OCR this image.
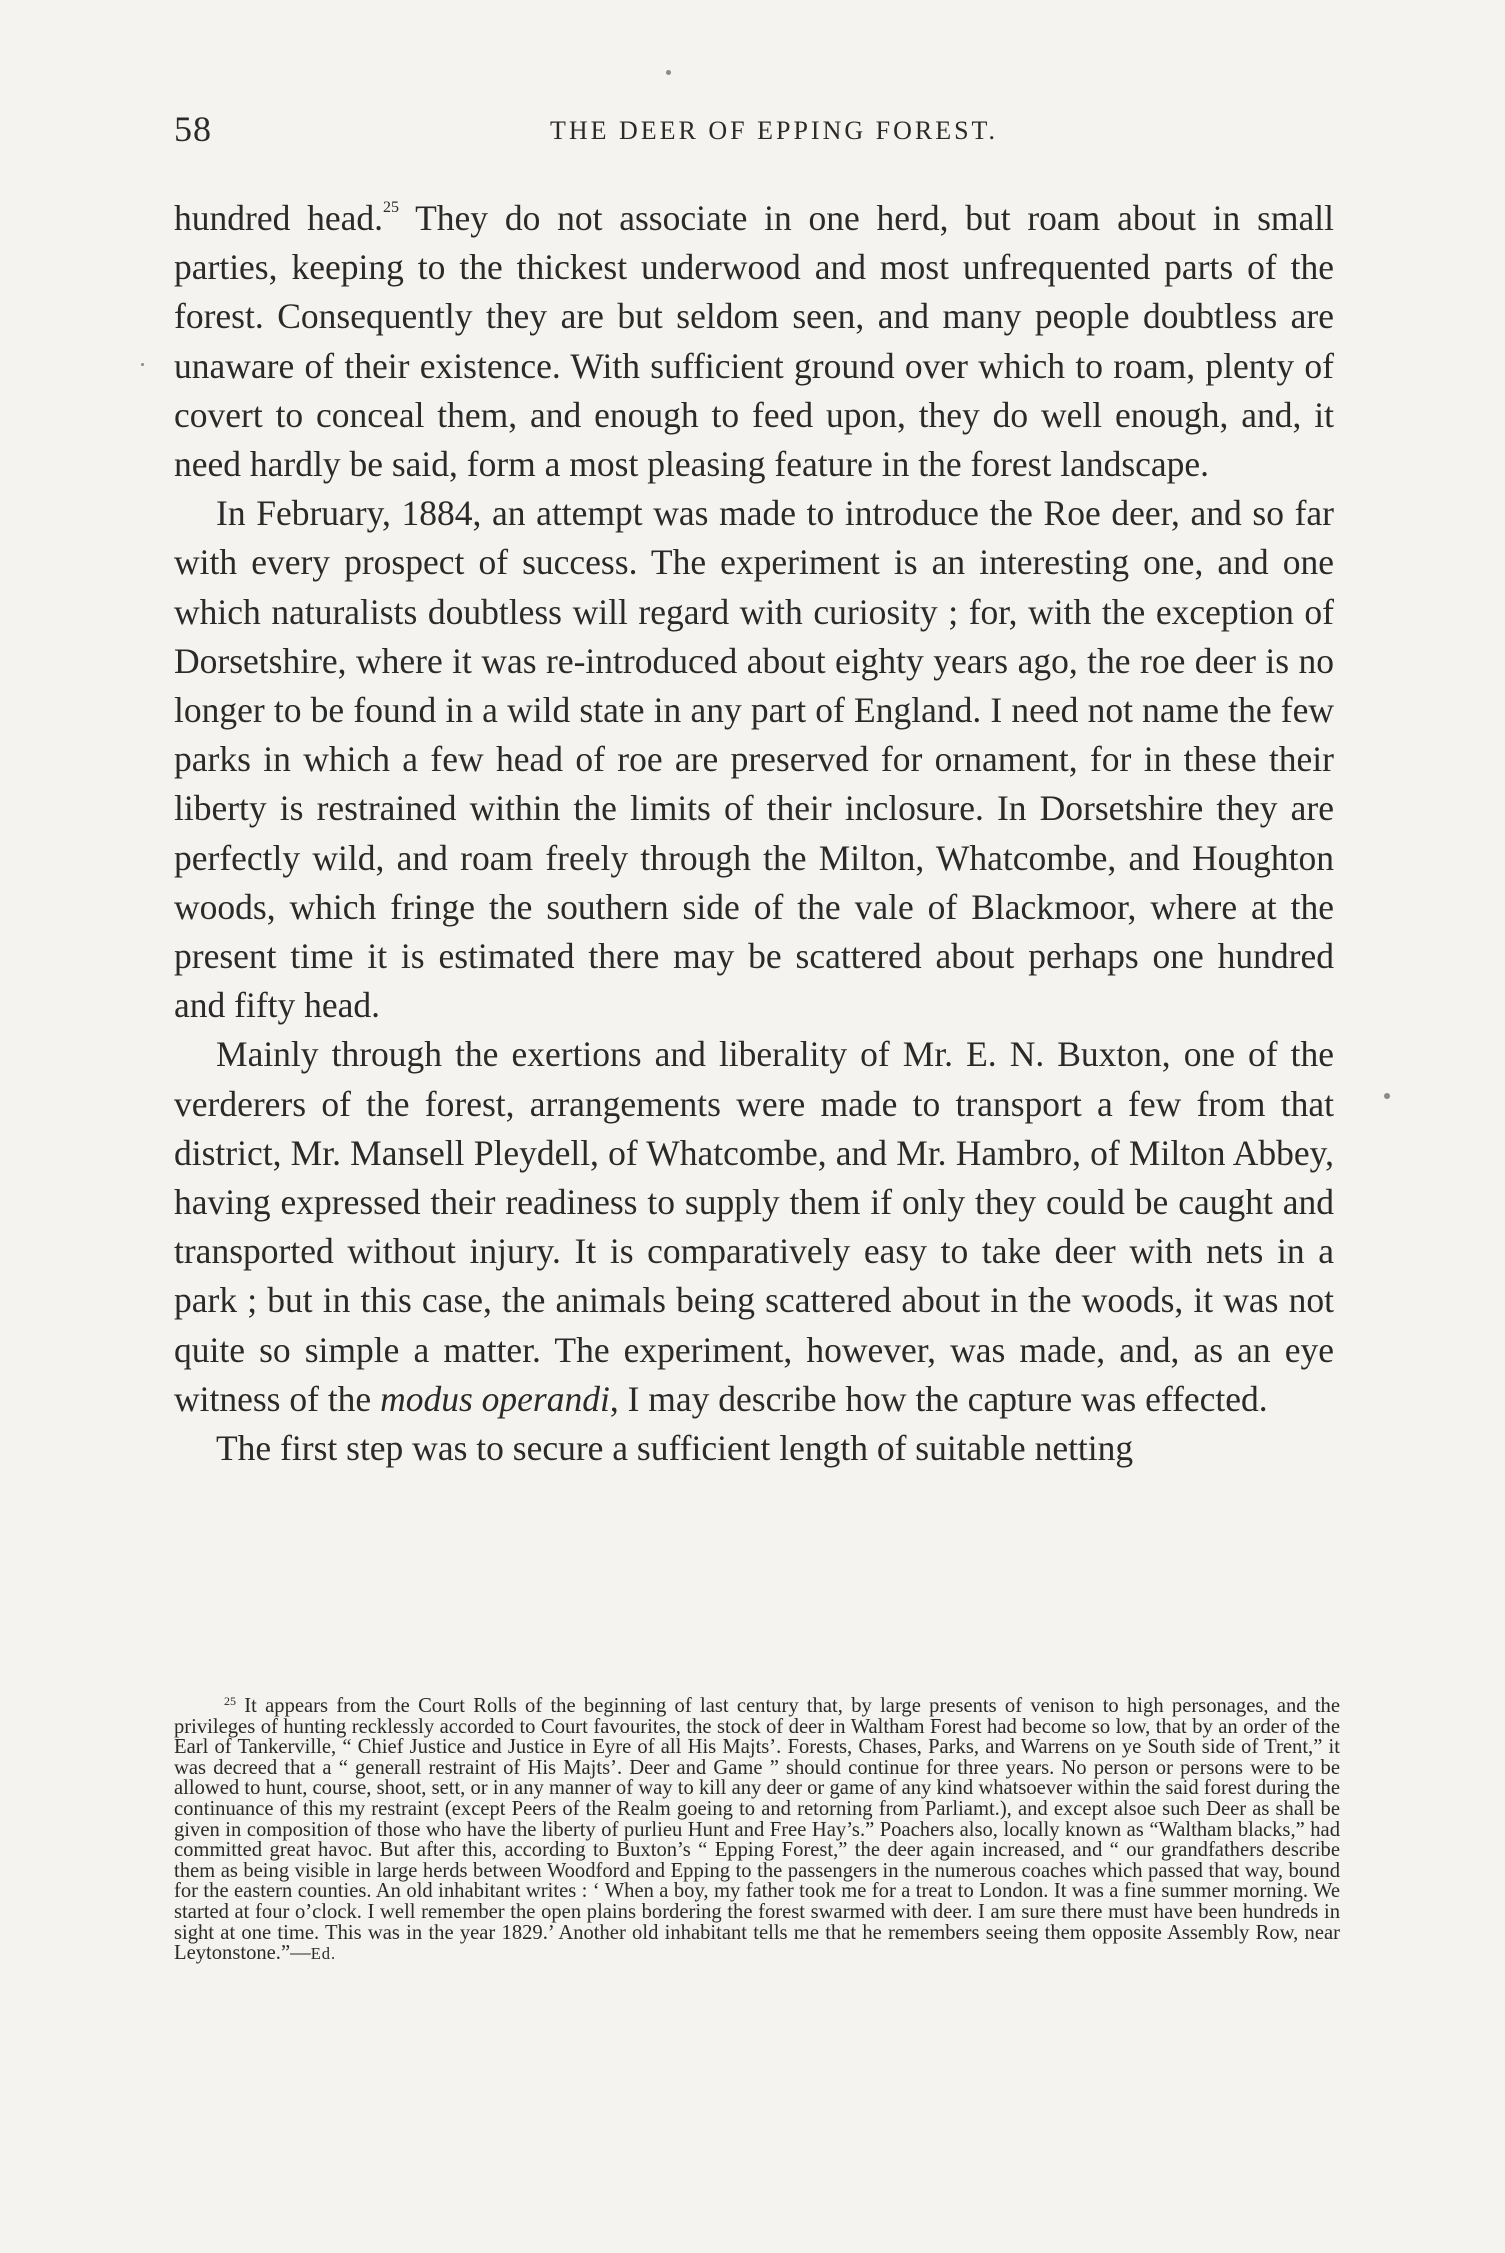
58	THE DEER OF EPPING FOREST.

hundred head.$^{25}$ They do not associate in one herd, but roam about in small parties, keeping to the thickest underwood and most unfrequented parts of the forest. Consequently they are but seldom seen, and many people doubtless are unaware of their existence. With sufficient ground over which to roam, plenty of covert to conceal them, and enough to feed upon, they do well enough, and, it need hardly be said, form a most pleasing feature in the forest landscape.

In February, 1884, an attempt was made to introduce the Roe deer, and so far with every prospect of success. The experiment is an interesting one, and one which naturalists doubtless will regard with curiosity ; for, with the exception of Dorsetshire, where it was re-introduced about eighty years ago, the roe deer is no longer to be found in a wild state in any part of England. I need not name the few parks in which a few head of roe are preserved for ornament, for in these their liberty is restrained within the limits of their inclosure. In Dorsetshire they are perfectly wild, and roam freely through the Milton, Whatcombe, and Houghton woods, which fringe the southern side of the vale of Blackmoor, where at the present time it is estimated there may be scattered about perhaps one hundred and fifty head.

Mainly through the exertions and liberality of Mr. E. N. Buxton, one of the verderers of the forest, arrangements were made to transport a few from that district, Mr. Mansell Pleydell, of Whatcombe, and Mr. Hambro, of Milton Abbey, having expressed their readiness to supply them if only they could be caught and transported without injury. It is comparatively easy to take deer with nets in a park ; but in this case, the animals being scattered about in the woods, it was not quite so simple a matter. The experiment, however, was made, and, as an eye witness of the modus operandi, I may describe how the capture was effected.

The first step was to secure a sufficient length of suitable netting

$^{25}$ It appears from the Court Rolls of the beginning of last century that, by large presents of venison to high personages, and the privileges of hunting recklessly accorded to Court favourites, the stock of deer in Waltham Forest had become so low, that by an order of the Earl of Tankerville, “ Chief Justice and Justice in Eyre of all His Majts’. Forests, Chases, Parks, and Warrens on ye South side of Trent,” it was decreed that a “ generall restraint of His Majts’. Deer and Game ” should continue for three years. No person or persons were to be allowed to hunt, course, shoot, sett, or in any manner of way to kill any deer or game of any kind whatsoever within the said forest during the continuance of this my restraint (except Peers of the Realm goeing to and retorning from Parliamt.), and except alsoe such Deer as shall be given in composition of those who have the liberty of purlieu Hunt and Free Hay’s.” Poachers also, locally known as “Waltham blacks,” had committed great havoc. But after this, according to Buxton’s “ Epping Forest,” the deer again increased, and “ our grandfathers describe them as being visible in large herds between Woodford and Epping to the passengers in the numerous coaches which passed that way, bound for the eastern counties. An old inhabitant writes : ‘ When a boy, my father took me for a treat to London. It was a fine summer morning. We started at four o’clock. I well remember the open plains bordering the forest swarmed with deer. I am sure there must have been hundreds in sight at one time. This was in the year 1829.’ Another old inhabitant tells me that he remembers seeing them opposite Assembly Row, near Leytonstone.”—Ed.
